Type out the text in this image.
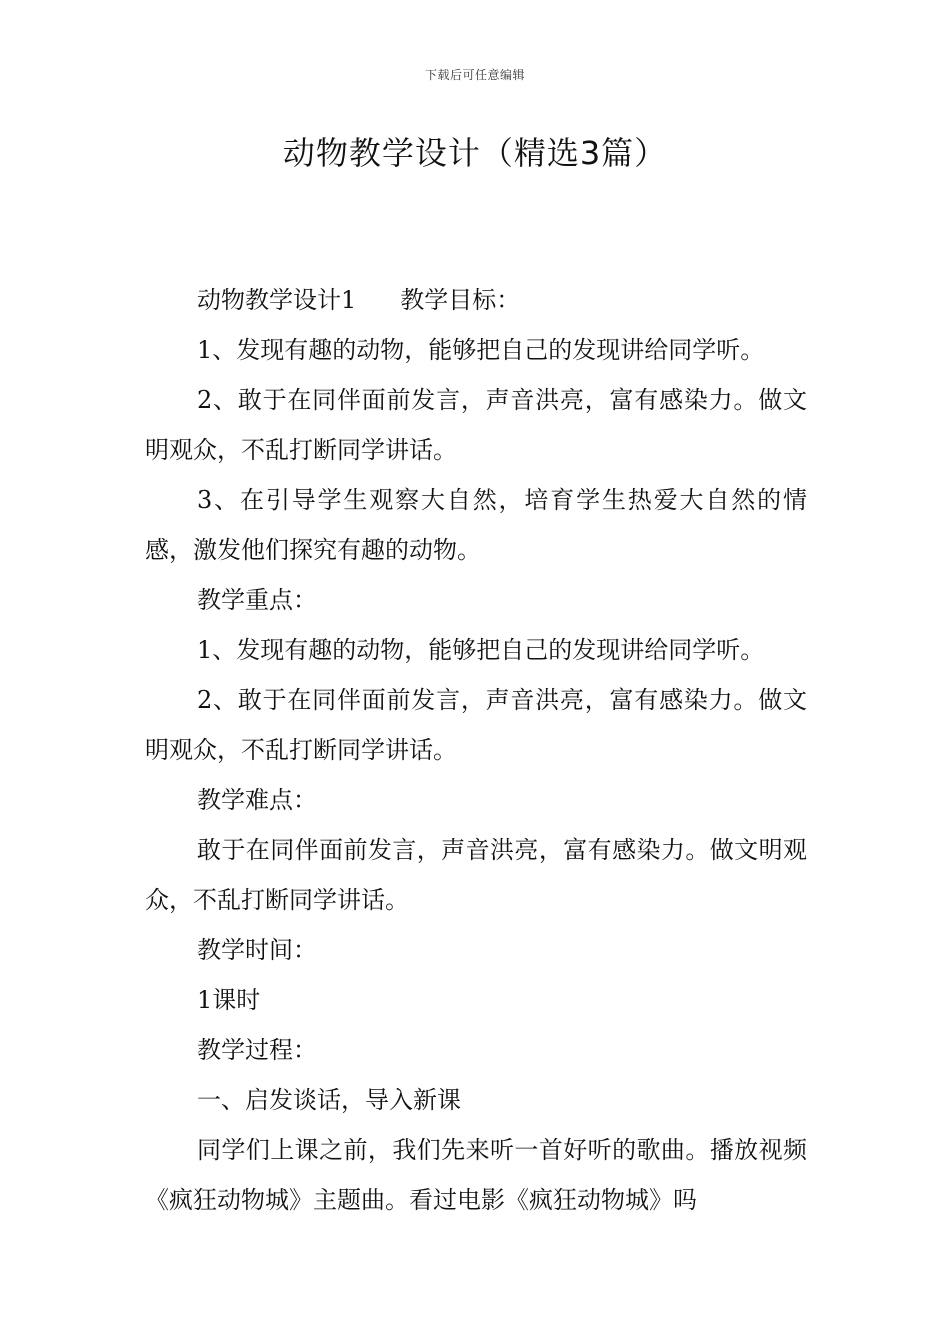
下载后可任意编辑
动物教学设计（精选3篇）

动物教学设计1 教学目标：

1、发现有趣的动物，能够把自己的发现讲给同学听。

2、敢于在同伴面前发言，声音洪亮，富有感染力。做文明观众，不乱打断同学讲话。

3、在引导学生观察大自然，培育学生热爱大自然的情感，激发他们探究有趣的动物。

教学重点：

1、发现有趣的动物，能够把自己的发现讲给同学听。

2、敢于在同伴面前发言，声音洪亮，富有感染力。做文明观众，不乱打断同学讲话。

教学难点：

敢于在同伴面前发言，声音洪亮，富有感染力。做文明观众，不乱打断同学讲话。

教学时间：

1课时

教学过程：

一、启发谈话，导入新课

同学们上课之前，我们先来听一首好听的歌曲。播放视频《疯狂动物城》主题曲。看过电影《疯狂动物城》吗
